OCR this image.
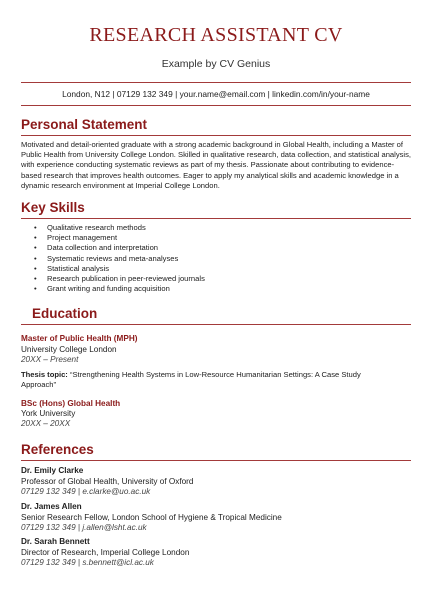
RESEARCH ASSISTANT CV
Example by CV Genius
London, N12 | 07129 132 349 | your.name@email.com | linkedin.com/in/your-name
Personal Statement
Motivated and detail-oriented graduate with a strong academic background in Global Health, including a Master of Public Health from University College London. Skilled in qualitative research, data collection, and statistical analysis, with experience conducting systematic reviews as part of my thesis. Passionate about contributing to evidence-based research that improves health outcomes. Eager to apply my analytical skills and academic knowledge in a dynamic research environment at Imperial College London.
Key Skills
• Qualitative research methods
• Project management
• Data collection and interpretation
• Systematic reviews and meta-analyses
• Statistical analysis
• Research publication in peer-reviewed journals
• Grant writing and funding acquisition
Education
Master of Public Health (MPH)
University College London
20XX – Present
Thesis topic: “Strengthening Health Systems in Low-Resource Humanitarian Settings: A Case Study Approach”
BSc (Hons) Global Health
York University
20XX – 20XX
References
Dr. Emily Clarke
Professor of Global Health, University of Oxford
07129 132 349 | e.clarke@uo.ac.uk
Dr. James Allen
Senior Research Fellow, London School of Hygiene & Tropical Medicine
07129 132 349 | j.allen@lsht.ac.uk
Dr. Sarah Bennett
Director of Research, Imperial College London
07129 132 349 | s.bennett@icl.ac.uk
